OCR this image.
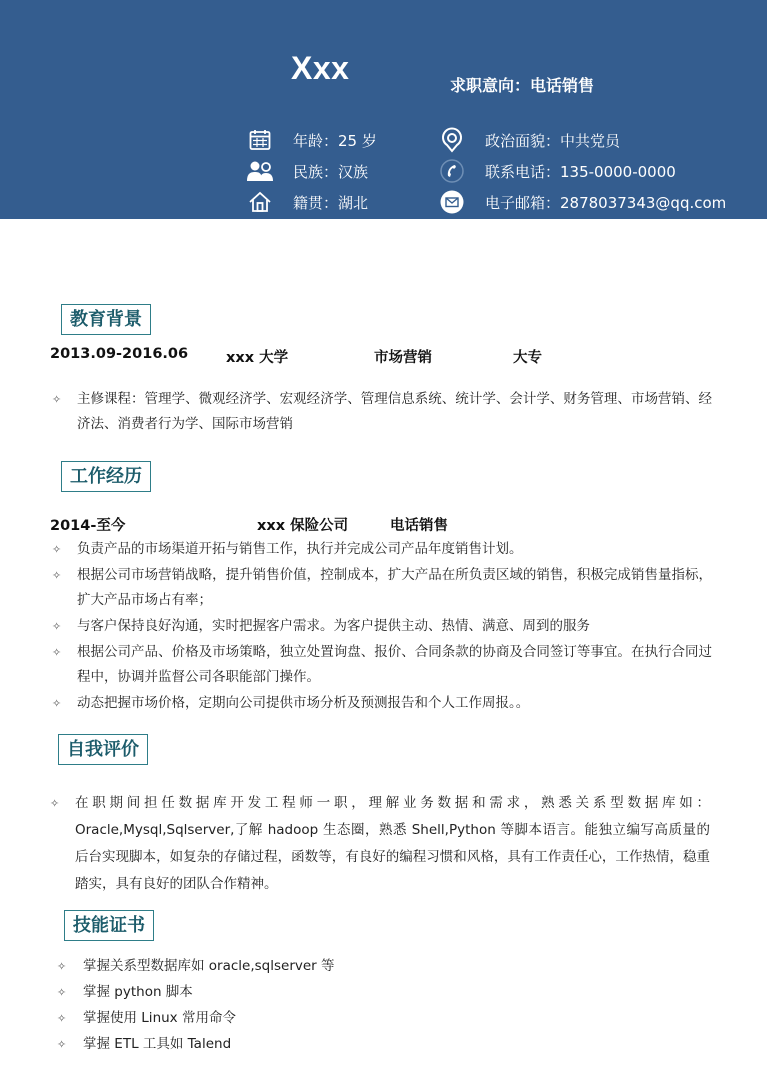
Xxx	求职意向：电话销售
年龄：25 岁
民族：汉族
籍贯：湖北
政治面貌：中共党员
联系电话：135-0000-0000
电子邮箱：2878037343@qq.com
教育背景
2013.09-2016.06	xxx 大学	市场营销	大专
✧ 主修课程：管理学、微观经济学、宏观经济学、管理信息系统、统计学、会计学、财务管理、市场营销、经济法、消费者行为学、国际市场营销
工作经历
2014-至今	xxx 保险公司	电话销售
✧ 负责产品的市场渠道开拓与销售工作，执行并完成公司产品年度销售计划。
✧ 根据公司市场营销战略，提升销售价值，控制成本，扩大产品在所负责区域的销售，积极完成销售量指标，扩大产品市场占有率；
✧ 与客户保持良好沟通，实时把握客户需求。为客户提供主动、热情、满意、周到的服务
✧ 根据公司产品、价格及市场策略，独立处置询盘、报价、合同条款的协商及合同签订等事宜。在执行合同过程中，协调并监督公司各职能部门操作。
✧ 动态把握市场价格，定期向公司提供市场分析及预测报告和个人工作周报。。
自我评价
✧ 在职期间担任数据库开发工程师一职，理解业务数据和需求，熟悉关系型数据库如：Oracle,Mysql,Sqlserver,了解 hadoop 生态圈，熟悉 Shell,Python 等脚本语言。能独立编写高质量的后台实现脚本，如复杂的存储过程，函数等，有良好的编程习惯和风格，具有工作责任心，工作热情，稳重踏实，具有良好的团队合作精神。
技能证书
✧ 掌握关系型数据库如 oracle,sqlserver 等
✧ 掌握 python 脚本
✧ 掌握使用 Linux 常用命令
✧ 掌握 ETL 工具如 Talend
